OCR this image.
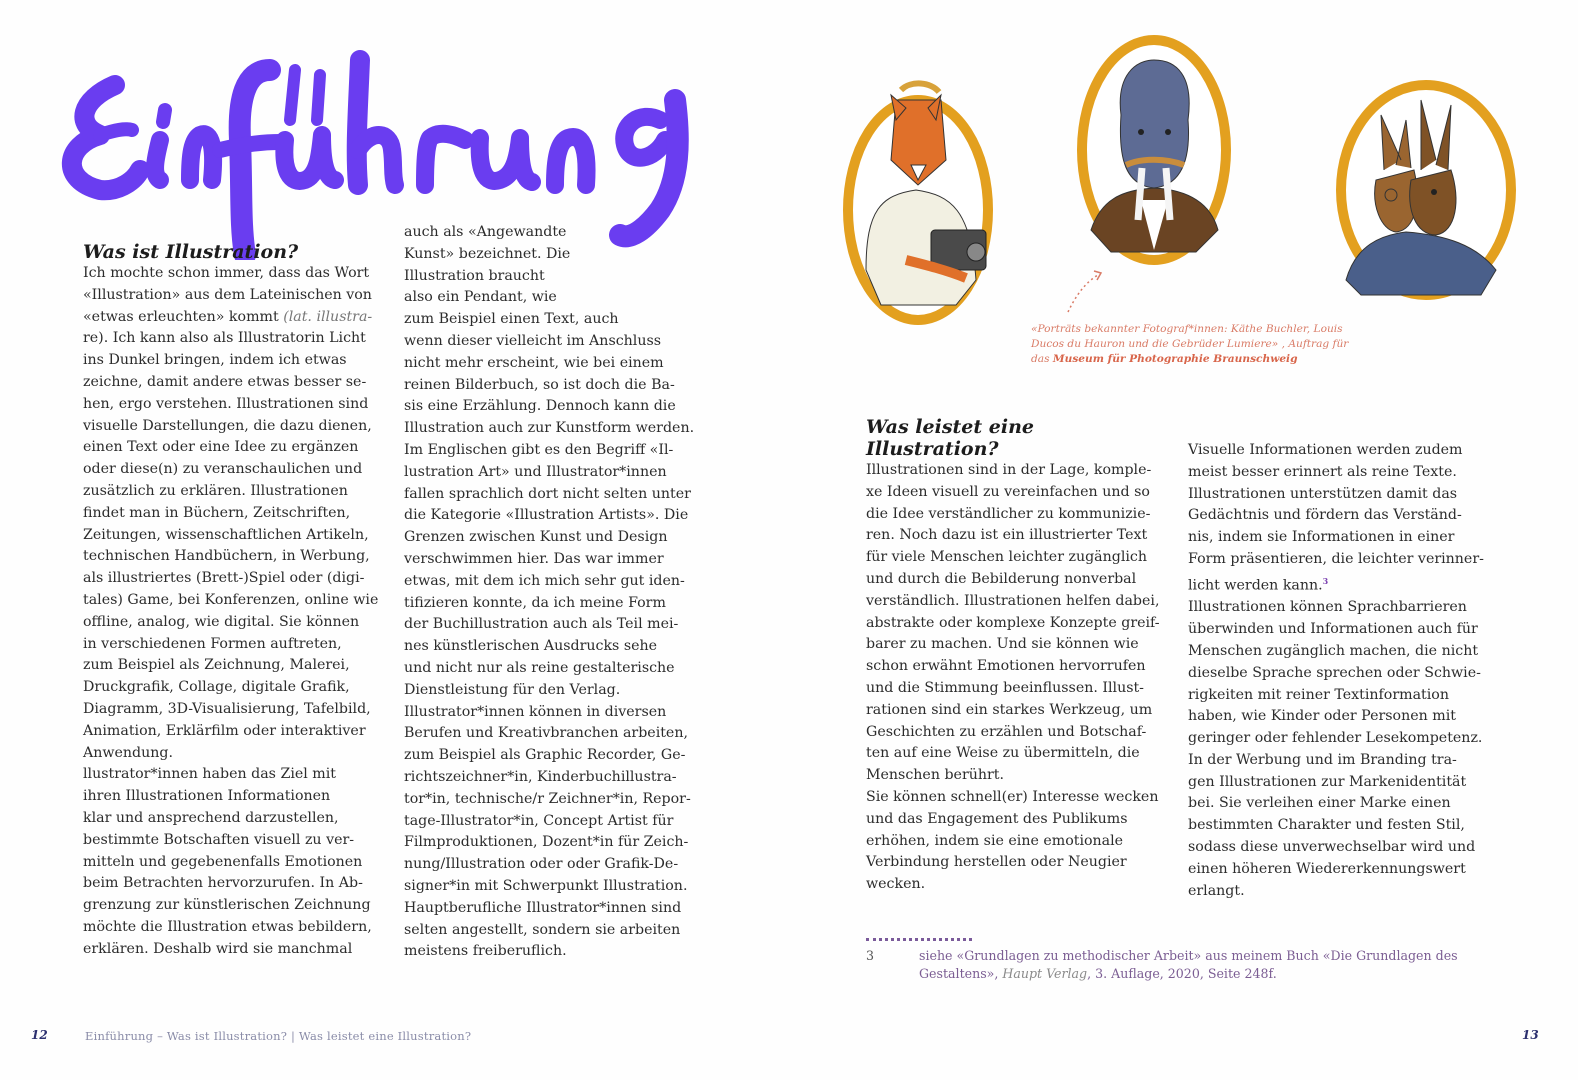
Was ist Illustration?
Ich mochte schon immer, dass das Wort
«Illustration» aus dem Lateinischen von
«etwas erleuchten» kommt (lat. illustra-
re). Ich kann also als Illustratorin Licht
ins Dunkel bringen, indem ich etwas
zeichne, damit andere etwas besser se-
hen, ergo verstehen. Illustrationen sind
visuelle Darstellungen, die dazu dienen,
einen Text oder eine Idee zu ergänzen
oder diese(n) zu veranschaulichen und
zusätzlich zu erklären. Illustrationen
findet man in Büchern, Zeitschriften,
Zeitungen, wissenschaftlichen Artikeln,
technischen Handbüchern, in Werbung,
als illustriertes (Brett-)Spiel oder (digi-
tales) Game, bei Konferenzen, online wie
offline, analog, wie digital. Sie können
in verschiedenen Formen auftreten,
zum Beispiel als Zeichnung, Malerei,
Druckgrafik, Collage, digitale Grafik,
Diagramm, 3D-Visualisierung, Tafelbild,
Animation, Erklärfilm oder interaktiver
Anwendung.
llustrator*innen haben das Ziel mit
ihren Illustrationen Informationen
klar und ansprechend darzustellen,
bestimmte Botschaften visuell zu ver-
mitteln und gegebenenfalls Emotionen
beim Betrachten hervorzurufen. In Ab-
grenzung zur künstlerischen Zeichnung
möchte die Illustration etwas bebildern,
erklären. Deshalb wird sie manchmal
auch als «Angewandte
Kunst» bezeichnet. Die
Illustration braucht
also ein Pendant, wie
zum Beispiel einen Text, auch
wenn dieser vielleicht im Anschluss
nicht mehr erscheint, wie bei einem
reinen Bilderbuch, so ist doch die Ba-
sis eine Erzählung. Dennoch kann die
Illustration auch zur Kunstform werden.
Im Englischen gibt es den Begriff «Il-
lustration Art» und Illustrator*innen
fallen sprachlich dort nicht selten unter
die Kategorie «Illustration Artists». Die
Grenzen zwischen Kunst und Design
verschwimmen hier. Das war immer
etwas, mit dem ich mich sehr gut iden-
tifizieren konnte, da ich meine Form
der Buchillustration auch als Teil mei-
nes künstlerischen Ausdrucks sehe
und nicht nur als reine gestalterische
Dienstleistung für den Verlag.
Illustrator*innen können in diversen
Berufen und Kreativbranchen arbeiten,
zum Beispiel als Graphic Recorder, Ge-
richtszeichner*in, Kinderbuchillustra-
tor*in, technische/r Zeichner*in, Repor-
tage-Illustrator*in, Concept Artist für
Filmproduktionen, Dozent*in für Zeich-
nung/Illustration oder oder Grafik-De-
signer*in mit Schwerpunkt Illustration.
Hauptberufliche Illustrator*innen sind
selten angestellt, sondern sie arbeiten
meistens freiberuflich.
«Porträts bekannter Fotograf*innen: Käthe Buchler, Louis Ducos du Hauron und die Gebrüder Lumiere» , Auftrag für das Museum für Photographie Braunschweig
Was leistet eine
Illustration?
Illustrationen sind in der Lage, komple-
xe Ideen visuell zu vereinfachen und so
die Idee verständlicher zu kommunizie-
ren. Noch dazu ist ein illustrierter Text
für viele Menschen leichter zugänglich
und durch die Bebilderung nonverbal
verständlich. Illustrationen helfen dabei,
abstrakte oder komplexe Konzepte greif-
barer zu machen. Und sie können wie
schon erwähnt Emotionen hervorrufen
und die Stimmung beeinflussen. Illust-
rationen sind ein starkes Werkzeug, um
Geschichten zu erzählen und Botschaf-
ten auf eine Weise zu übermitteln, die
Menschen berührt.
Sie können schnell(er) Interesse wecken
und das Engagement des Publikums
erhöhen, indem sie eine emotionale
Verbindung herstellen oder Neugier
wecken.
Visuelle Informationen werden zudem
meist besser erinnert als reine Texte.
Illustrationen unterstützen damit das
Gedächtnis und fördern das Verständ-
nis, indem sie Informationen in einer
Form präsentieren, die leichter verinner-
licht werden kann.$^3$
Illustrationen können Sprachbarrieren
überwinden und Informationen auch für
Menschen zugänglich machen, die nicht
dieselbe Sprache sprechen oder Schwie-
rigkeiten mit reiner Textinformation
haben, wie Kinder oder Personen mit
geringer oder fehlender Lesekompetenz.
In der Werbung und im Branding tra-
gen Illustrationen zur Markenidentität
bei. Sie verleihen einer Marke einen
bestimmten Charakter und festen Stil,
sodass diese unverwechselbar wird und
einen höheren Wiedererkennungswert
erlangt.
3	siehe «Grundlagen zu methodischer Arbeit» aus meinem Buch «Die Grundlagen des Gestaltens», Haupt Verlag, 3. Auflage, 2020, Seite 248f.
12	Einführung – Was ist Illustration? | Was leistet eine Illustration?	13
